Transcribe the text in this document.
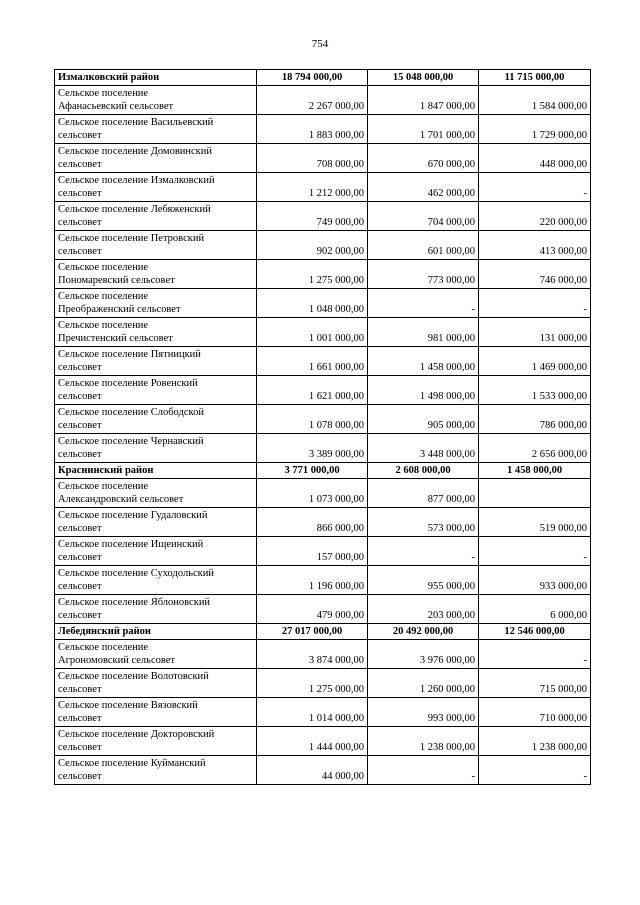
754
Измалковский район	18 794 000,00	15 048 000,00	11 715 000,00
Сельское поселение
Афанасьевский сельсовет	2 267 000,00	1 847 000,00	1 584 000,00
Сельское поселение Васильевский
сельсовет	1 883 000,00	1 701 000,00	1 729 000,00
Сельское поселение Домовинский
сельсовет	708 000,00	670 000,00	448 000,00
Сельское поселение Измалковский
сельсовет	1 212 000,00	462 000,00	-
Сельское поселение Лебяженский
сельсовет	749 000,00	704 000,00	220 000,00
Сельское поселение Петровский
сельсовет	902 000,00	601 000,00	413 000,00
Сельское поселение
Пономаревский сельсовет	1 275 000,00	773 000,00	746 000,00
Сельское поселение
Преображенский сельсовет	1 048 000,00	-	-
Сельское поселение
Пречистенский сельсовет	1 001 000,00	981 000,00	131 000,00
Сельское поселение Пятницкий
сельсовет	1 661 000,00	1 458 000,00	1 469 000,00
Сельское поселение Ровенский
сельсовет	1 621 000,00	1 498 000,00	1 533 000,00
Сельское поселение Слободской
сельсовет	1 078 000,00	905 000,00	786 000,00
Сельское поселение Чернавский
сельсовет	3 389 000,00	3 448 000,00	2 656 000,00
Краснинский район	3 771 000,00	2 608 000,00	1 458 000,00
Сельское поселение
Александровский сельсовет	1 073 000,00	877 000,00	
Сельское поселение Гудаловский
сельсовет	866 000,00	573 000,00	519 000,00
Сельское поселение Ищеинский
сельсовет	157 000,00	-	-
Сельское поселение Суходольский
сельсовет	1 196 000,00	955 000,00	933 000,00
Сельское поселение Яблоновский
сельсовет	479 000,00	203 000,00	6 000,00
Лебедянский район	27 017 000,00	20 492 000,00	12 546 000,00
Сельское поселение
Агрономовский сельсовет	3 874 000,00	3 976 000,00	-
Сельское поселение Волотовский
сельсовет	1 275 000,00	1 260 000,00	715 000,00
Сельское поселение Вязовский
сельсовет	1 014 000,00	993 000,00	710 000,00
Сельское поселение Докторовский
сельсовет	1 444 000,00	1 238 000,00	1 238 000,00
Сельское поселение Куйманский
сельсовет	44 000,00	-	-
